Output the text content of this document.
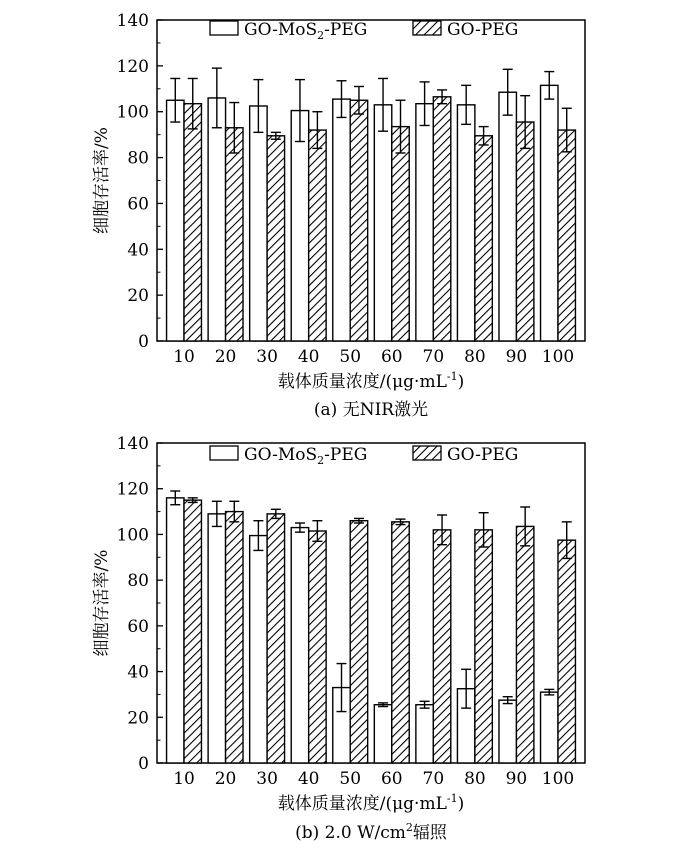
0
20
40
60
80
100
120
140
10 20 30 40 50 60 70 80 90 100
GO-MoS$_2$-PEG	GO-PEG
细胞存活率/%
载体质量浓度$/(\mu g\cdot mL^{-1})$
(a) 无NIR激光
0
20
40
60
80
100
120
140
10 20 30 40 50 60 70 80 90 100
GO-MoS$_2$-PEG	GO-PEG
细胞存活率/%
载体质量浓度$/(\mu g\cdot mL^{-1})$
(b) 2.0 $W/cm^2$辐照
